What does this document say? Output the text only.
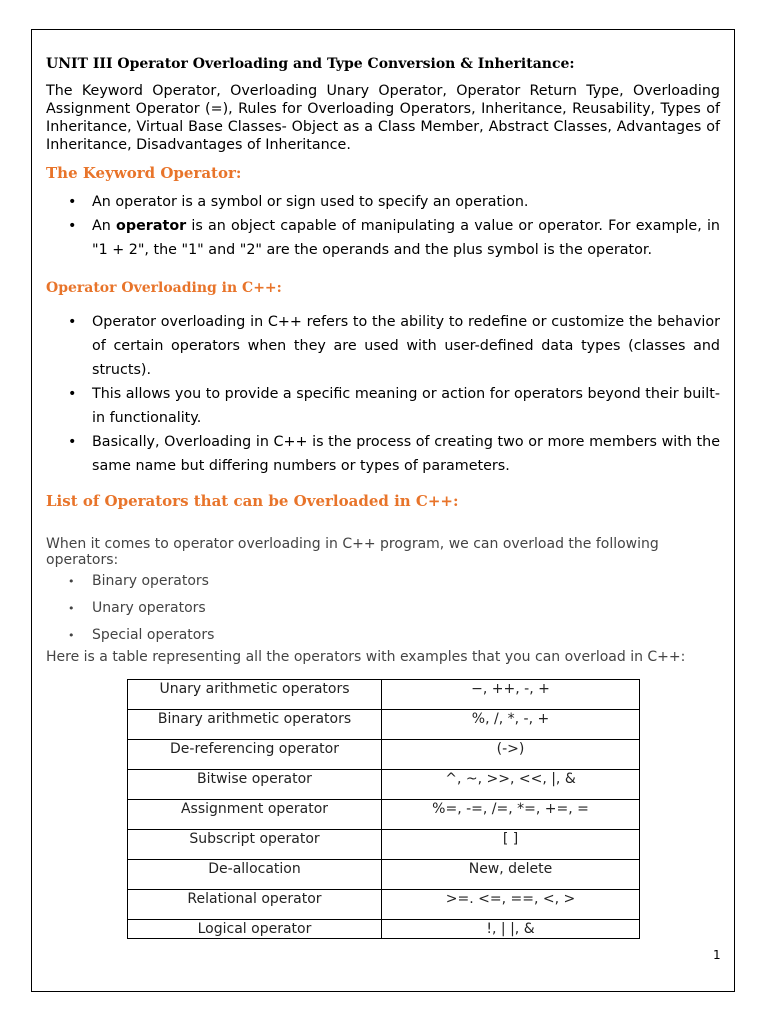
UNIT III Operator Overloading and Type Conversion & Inheritance:

The Keyword Operator, Overloading Unary Operator, Operator Return Type, Overloading Assignment Operator (=), Rules for Overloading Operators, Inheritance, Reusability, Types of Inheritance, Virtual Base Classes- Object as a Class Member, Abstract Classes, Advantages of Inheritance, Disadvantages of Inheritance.

The Keyword Operator:
• An operator is a symbol or sign used to specify an operation.
• An operator is an object capable of manipulating a value or operator. For example, in "1 + 2", the "1" and "2" are the operands and the plus symbol is the operator.
Operator Overloading in C++:
• Operator overloading in C++ refers to the ability to redefine or customize the behavior of certain operators when they are used with user-defined data types (classes and structs).
• This allows you to provide a specific meaning or action for operators beyond their built-in functionality.
• Basically, Overloading in C++ is the process of creating two or more members with the same name but differing numbers or types of parameters.
List of Operators that can be Overloaded in C++:

When it comes to operator overloading in C++ program, we can overload the following operators:

• Binary operators
• Unary operators
• Special operators

Here is a table representing all the operators with examples that you can overload in C++:

Unary arithmetic operators	−, ++, -, +
Binary arithmetic operators	%, /, *, -, +
De-referencing operator	(->)
Bitwise operator	^, ~, >>, <<, |, &
Assignment operator	%=, -=, /=, *=, +=, =
Subscript operator	[ ]
De-allocation	New, delete
Relational operator	>=. <=, ==, <, >
Logical operator	!, | |, &
1
